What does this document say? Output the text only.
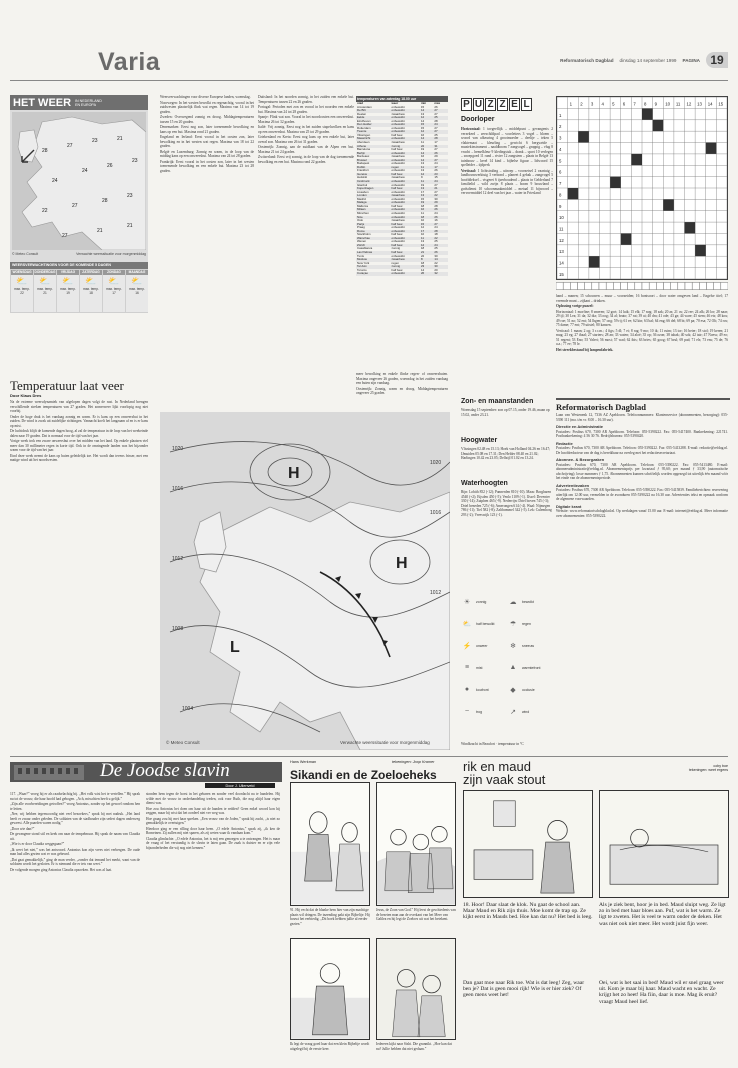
Varia	Reformatorisch Dagblad dinsdag 14 september 1999 PAGINA 19
HET WEER IN NEDERLAND
EN EUROPA
28
27
23	21
24
24
26
23
22
27
28
23
27
21
21
© Meteo Consult	Verwachte weerssituatie voor morgenmiddag
WEERSVERWACHTINGEN VOOR DE KOMENDE 5 DAGEN
WOENSDAG
⛅
max. temp.
22
DONDERDAG
⛅
max. temp.
21
VRIJDAG
⛅
max. temp.
19
ZATERDAG
⛅
max. temp.
18
ZONDAG
⛅
max. temp.
17
MAANDAG
⛅
max. temp.
16
Temperatuur laat veer
Door Klaus Dres

Na de extreme weersdynamiek van afgelopen dagen volgt de rust. In Nederland brengen verschillende streken temperaturen van 27 graden. Het zomerweer lijkt voorlopig nog niet voorbij.

Onder de hoge druk is het vandaag zonnig en warm. Er is kans op een onweersbui in het zuiden. De wind is zwak uit zuidelijke richtingen. Vannacht koelt het langzaam af en is er kans op mist.

De luchtdruk blijft de komende dagen hoog, al zal de temperatuur in de loop van het weekeinde dalen naar 19 graden. Dat is normaal voor de tijd van het jaar.

Vorige week trok een zware onweersbui over het midden van het land. Op enkele plaatsen viel meer dan 30 millimeter regen in korte tijd. Ook in de omringende landen was het bijzonder warm voor de tijd van het jaar.

Eind deze week neemt de kans op buien geleidelijk toe. Het wordt dan tevens frisser, met een matige wind uit het noordwesten.

Weersverwachtingen voor diverse Europese landen, woensdag.

Noorwegen: In het westen bewolkt en regenachtig, vooral in het zuidwesten plaatselijk flink wat regen. Maxima van 14 tot 19 graden.

Zweden: Overwegend zonnig en droog. Middagtemperaturen tussen 15 en 20 graden.

Denemarken: Eerst nog zon, later toenemende bewolking en kans op een bui. Maxima rond 21 graden.

Engeland en Ierland: Eerst vooral in het oosten zon, later bewolking en in het westen wat regen. Maxima van 18 tot 22 graden.

België en Luxemburg: Zonnig en warm, in de loop van de middag kans op een onweersbui. Maxima van 24 tot 28 graden.

Frankrijk: Eerst vooral in het oosten zon, later in het westen toenemende bewolking en een enkele bui. Maxima 23 tot 28 graden.

Duitsland: In het noorden zonnig, in het zuiden een enkele bui. Temperaturen tussen 22 en 26 graden.

Portugal: Perioden met zon en vooral in het noorden een enkele bui. Maxima van 24 tot 28 graden.

Spanje: Flink wat zon. Vooral in het noordoosten een onweersbui. Maxima 26 tot 32 graden.

Italië: Vrij zonnig. Eerst nog in het zuiden stapelwolken en kans op een onweersbui. Maxima van 25 tot 29 graden.

Griekenland en Kreta: Eerst nog kans op een enkele bui, later overal zon. Maxima van 26 tot 31 graden.

Oostenrijk: Zonnig, aan de zuidkant van de Alpen een bui. Maxima 21 tot 24 graden.

Zwitserland: Eerst vrij zonnig, in de loop van de dag toenemende bewolking en een bui. Maxima rond 22 graden.

temperaturen van zaterdag 18.00 uur
stad	weer	min	max
Amsterdam	onbewolkt	15	26
De Bilt	onbewolkt	14	27
Deelen	zwaarbew.	13	27
Eelde	onbewolkt	12	25
Eindhoven	onbewolkt	14	28
Den Helder	onbewolkt	15	24
Rotterdam	onbewolkt	15	27
Twente	onbewolkt	12	27
Vlissingen	half bew.	16	25
Maastricht	onbewolkt	14	28
Aberdeen	zwaarbew.	11	17
Athene	zonnig	22	31
Barcelona	half bew.	19	27
Berlijn	onbewolkt	14	26
Bordeaux	zwaarbew.	16	29
Brussel	onbewolkt	14	27
Budapest	onbewolkt	13	24
Dublin	regen	11	17
Frankfurt	onbewolkt	13	26
Genève	half bew.	12	23
Helsinki	zwaarbew.	9	15
Innsbruck	onbewolkt	11	24
Istanbul	onbewolkt	19	27
Kopenhagen	half bew.	13	21
Lissabon	onbewolkt	17	27
Londen	zwaarbew.	13	22
Madrid	onbewolkt	15	30
Malaga	onbewolkt	19	29
Mallorca	half bew.	18	28
Milaan	onbewolkt	16	26
München	onbewolkt	11	24
Nice	onbewolkt	18	26
Oslo	zwaarbew.	10	16
Parijs	half bew.	15	27
Praag	onbewolkt	12	24
Rome	onbewolkt	17	28
Stockholm	half bew.	10	18
Warschau	onbewolkt	11	22
Wenen	onbewolkt	13	25
Zürich	half bew.	12	24
Casablanca	zonnig	18	25
Las Palmas	half bew.	21	26
Tunis	onbewolkt	22	30
Moskou	zwaarbew.	8	14
New York	regen	18	22
Tel Aviv	zonnig	23	30
Toronto	half bew.	14	20
Curaçao	onbewolkt	26	32

meer bewolking en enkele flinke regen- of onweersbuien. Maxima ongeveer 26 graden, woensdag in het zuiden vandaag een buien zijn vandaag.

Oostenrijk: Zonnig, warm en droog. Middagtemperaturen ongeveer 25 graden.

H
H
L
1020
1016
1012
1008
1004
1020
1016
1012
© Meteo Consult	Verwachte weerssituatie voor morgenmiddag
P U Z Z E L
Doorloper

Horizontaal: 1 toegeeflijk – middelpunt – gevangenis 2 verzekerd – zeeschildpad – voorletters 3 vogel – bloem – woord van afkeuring 4 grootmoeder – deeltje – teken 5 vlaktemaat – kleurling – gewicht 6 bergweide – muziekinstrument – naaldboom 7 zangvogel – grappig – vlug 8 vrucht – hemelkleur 9 kledingstuk – drank – sport 10 verlegen – snoepgoed 11 rund – rivier 12 zangstem – plaats in België 13 tuinbouw – kerel 14 kind – bijbelse figuur – lidwoord 15 spelleider – tijdperk

Verticaal: 1 lichtstraling – uitroep – voorzetsel 2 vaartuig – landbouwwerktuig 3 verbond – planeet 4 gebak – zangvogel 5 hoofddeksel – visgerei 6 ijzerhoudend – plaats in Gelderland 7 familielid – wild zwijn 8 plaats – boom 9 bouwland – godsdienst 10 schoonmaakmiddel – metaal 11 bijwoord – vervoermiddel 12 deel van het jaar – water in Friesland

1 2 3 4 5 6 7 8 9 10 11 12 13 14 15
1
2
3
4
5
6
7
8
9
10
11
12
13
14
15

hand – manen; 15 schouwen – muur – voorzeiden; 16 bontsoort – door water omgeven land – Engelse titel; 17 vreemde munt – zijkant – drinken.

Oplossing vorige puzzel:

Horizontaal: 1 morfine; 8 smeren; 12 gort; 14 luik; 15 elk; 17 nog; 18 zak; 20 as; 21 os; 22 ree; 24 alk; 26 lor; 28 naar; 29 ijl; 30 Lea; 31 da; 32 dia; 33 oog; 34 al; bruto; 37 rat; 39 ai; 40 dra; 41 ode; 43 ga; 44 ware; 45 stem; 46 ets; 48 kou; 49 roe; 51 no; 52 ent; 54 lbgen; 57 oog; 59 rij; 61 ee; 62 kin; 63 bal; 64 eng; 66 del; 68 bt; 69 pa; 70 esa; 72 Olt; 74 ros; 75 dame; 77 ent; 79 uitstel; 80 kansen.

Verticaal: 1 maan; 2 og; 3 r.c.m.; 4 figs; 5 dl; 7 ei; 8 rag; 9 mo; 10 ik; 11 ruim; 13 tor; 16 beier; 18 stol; 19 keren; 21 mug; 23 eg; 27 ibaal; 27 starters; 28 an; 33 waten; 34 aloë; 35 op; 36 ozon; 38 tabak; 40 sok; 42 tair; 47 Noess; 49 eo; 51 regent; 53 Eno; 55 Valeri; 56 most; 57 wad; 62 ibis; 63 bries; 65 goog; 67 brul; 69 pad; 71 els; 73 ens; 75 de; 76 a.a.; 77 ee; 78 le.

Het streekbestand bij lampenfabriek.

Zon- en maanstanden
Woensdag 15 september: zon op 07.15, onder 19.46, maan op 15.02, onder 23.21.
Hoogwater
Vlissingen 02.48 en 15.13; Hoek van Holland 04.26 en 16.47; IJmuiden 05.08 en 17.31; Den Helder 08.40 en 21.02; Harlingen 10.42 en 23.05; Delfzijl 01.02 en 13.24.
Waterhoogten
Rijn: Lobith 852 (-12); Pannerden 810 (-10). Maas: Borgharen 4540 (+2); Eijsden 450 (-5); Venlo 1109 (-1). IJssel: Deventer 330 (-14); Zutphen 465 (-9). Nederrijn: Driel boven 745 (-3); Driel beneden 725 (-6); Amerongen 614 (-4). Waal: Nijmegen 786 (-11); Tiel 582 (-8); Zaltbommel 342 (-5). Lek: Culemborg 293 (-2); Vreeswijk 123 (-1).
☀	zonnig	☁	bewolkt
⛅	half bewolkt	☂	regen
⚡	onweer	❄	sneeuw
≡	mist	▲	warmtefront
●	koufront	◆	occlusie
~	trog	↗	wind
Windkracht in Beaufort · temperatuur in °C
Reformatorisch Dagblad

Laan van Westenenk 12, 7336 AZ Apeldoorn. Telefoonnummers: Klantenservice (abonnementen, bezorging): 055-5390 111 (ma. t/m vr. 8.00 – 16.30 uur).

Directie en Administratie

Postadres: Postbus 670, 7300 AR Apeldoorn. Telefoon: 055-5390222. Fax: 055-5417400. Bankrekening: 221741. Postbankrekening: 4 56 30 76. Bedrijfsbureau: 055-5390420.

Redactie

Postadres: Postbus 670, 7300 AR Apeldoorn. Telefoon: 055-5390222. Fax: 055-5413288. E-mail: redactie@refdag.nl. De hoofdredacteur van de dag is bereikbaar na overleg met het redactiesecretariaat.

Abonnee- & Bezorgzaken

Postadres: Postbus 670, 7300 AR Apeldoorn. Telefoon: 055-5390222. Fax: 055-5413480. E-mail: abonneeadministratie@refdag.nl. Abonnementsprijs per kwartaal ƒ 95,60; per maand ƒ 33,90 (automatische afschrijving); losse nummers ƒ 1,75. Abonnementen kunnen schriftelijk worden opgezegd tot uiterlijk één maand vóór het einde van de abonnementsperiode.

Advertentiezaken

Postadres: Postbus 670, 7300 AR Apeldoorn. Telefoon: 055-5390222. Fax: 055-5415839. Familieberichten: reservering uiterlijk om 12.00 uur, vermelden in de avonduren 055-5390222 na 16.30 uur. Advertenties tekst en opmaak conform de algemene voorwaarden.

Digitale krant

Website: www.reformatorischdagblad.nl. Op werkdagen vanaf 15.00 uur. E-mail: internet@refdag.nl. Meer informatie over abonnementen: 055-5390222.

De Joodse slavin
Door J. Uilenveld

117. „Waar?” vroeg hij er als raadselachtig bij. „Het volk wist het te vertellen.” Hij sprak nu tot de vrouw, die haar hoofd had gebogen. „Ach, misschien heeft u gelijk.”

„Zijn alle voorbereidingen getroffen?” vroeg Antonius, zonder op het gewoel rondom hen te letten.

„Nee, wij hebben tegenwoordig niet veel bezoekers,” sprak hij met nadruk. „Het land heeft er zwaar onder geleden. De soldaten van de stadhouder zijn sedert dagen onderweg geweest. Alle paarden waren nodig.”

„Door wie dan?”

De gevangene stond stil en keek om naar de tempelmuur. Hij sprak de naam van Claudia uit.

„Wie is er door Claudia weggegaan?”

„Ik weet het niet,” was het antwoord. Antonius kon zijn vrees niet verbergen. De oude man had alles gezien wat er was gebeurd.

„Dat gaat gemakkelijk,” ging de man verder, „zonder dat iemand het merkt, want van de soldaten wordt het gesloten. Er is niemand die er iets van weet.”

De volgende morgen ging Antonius Claudia opzoeken. Het was al laat.

stonden hem tegen de borst in het gebaren en zonder veel doordacht na te handelen. Hij wilde met de vrouw in onderhandeling treden, ook voor Ruth, die nog altijd haar eigen dienst was.

Hoe zou Antonius het doen om haar uit de handen te redden? Geen enkel woord kon hij zeggen, maar hij wist dat het oordeel niet ver weg was.

Hoe graag zou hij met haar spreken. „Een vrouw van de Joden,” sprak hij zacht, „is niet zo gemakkelijk te overtuigen.”

Hierdoor ging er een rilling door haar heen. „O edele Antonius,” sprak zij, „ik ken de Romeinen. Zij zullen mij niet sparen, als zij weten waar ik vandaan kom.”

Claudia glimlachte. „O edele Antonius, het is mij een genoegen u te ontvangen. Het is maar de vraag of het verstandig is de slavin te laten gaan. De zaak is duister en er zijn vele bijzonderheden die wij nog niet kennen.”

Hans Werkman	tekeningen: Joop Kramer
Sikandi en de Zoeloeheks
91. Hij vecht dat de blanke hem hier van zijn machtige plaats wil dringen. De inzending pakt zijn Bijbeltje. Hij bouwt het eerbiedig. „Dit boek hebben jullie al eerder gezien.”
Jezus, de Zoon van God.” Hij leest de geschiedenis van de bezeten man aan de overkant van het Meer van Galilea en hij legt de Zoeloes uit wat het betekent.
Ik legt de vraag goed haar dat een klein Bijbeltje wordt uitgelegd bij de eerste keer.
Iedereen kijkt naar Sishi. Die grunnikt. „Hoe kan dat nu? Jullie hebben dat niet gedaan.”
rik en maud
zijn vaak stout
coby boe
tekeningen: weet ergens
18. Hoor! Daar slaat de klok. Nu gaat de school aan. Maar Maud en Rik zijn thuis. Moe komt de trap op. Ze kijkt eerst in Mauds bed. Hoe kan dat nu? Het bed is leeg.
Als je ziek bent, hoor je in bed. Maud sluipt weg. Ze ligt zo in bed met haar bloes aan. Puf, wat is het warm. Ze ligt te zweten. Het is veel te warm onder de deken. Het was niet ook niet meer. Het wordt juist fijn weer.
Dan gaat moe naar Rik toe. Wat is dat leeg! Zeg, waar ben je? Dat is geen mooi rijk! Wie is er hier ziek? Of geen mens weet het!
Oei, wat is het saai in bed! Maud wil er snel graag weer uit. Kom je maar bij haar. Maud wacht en wacht. Ze krijgt het zo heet! Ha fiin, daar is moe. Mag ik eruit? vraagt Maud heel lief.
